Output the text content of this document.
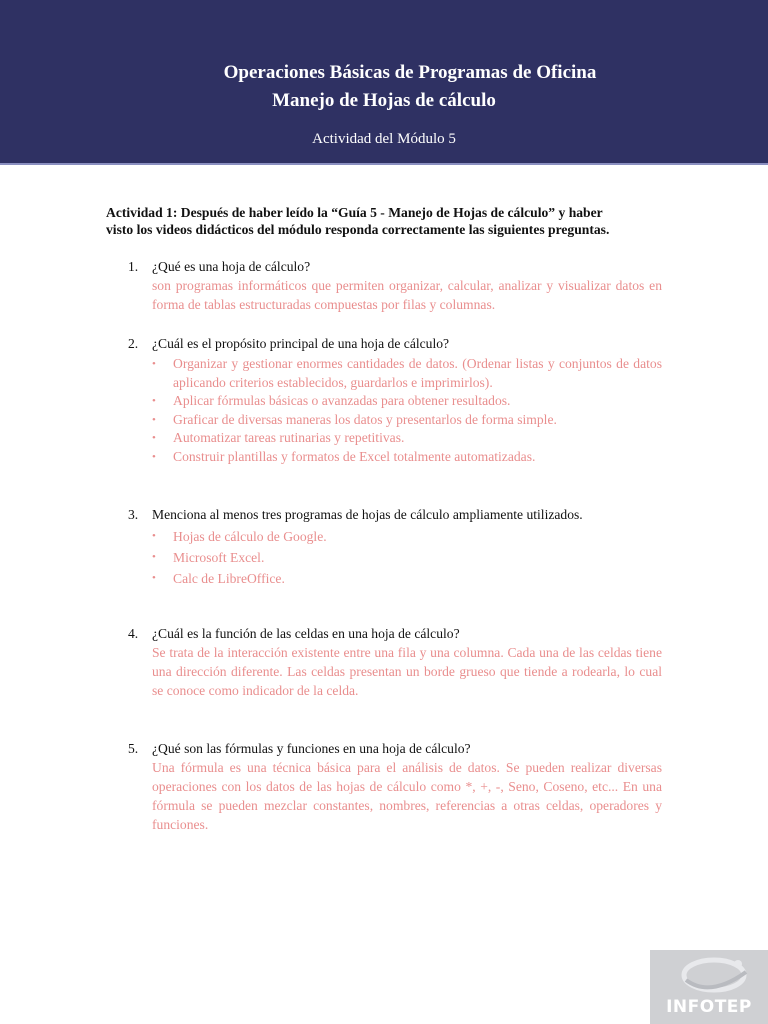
Operaciones Básicas de Programas de Oficina
Manejo de Hojas de cálculo
Actividad del Módulo 5
Actividad 1: Después de haber leído la “Guía 5 - Manejo de Hojas de cálculo” y haber
visto los videos didácticos del módulo responda correctamente las siguientes preguntas.
1. ¿Qué es una hoja de cálculo?
son programas informáticos que permiten organizar, calcular, analizar y visualizar datos en forma de tablas estructuradas compuestas por filas y columnas.
2. ¿Cuál es el propósito principal de una hoja de cálculo?
• Organizar y gestionar enormes cantidades de datos. (Ordenar listas y conjuntos de datos aplicando criterios establecidos, guardarlos e imprimirlos).
• Aplicar fórmulas básicas o avanzadas para obtener resultados.
• Graficar de diversas maneras los datos y presentarlos de forma simple.
• Automatizar tareas rutinarias y repetitivas.
• Construir plantillas y formatos de Excel totalmente automatizadas.
3. Menciona al menos tres programas de hojas de cálculo ampliamente utilizados.
• Hojas de cálculo de Google.
• Microsoft Excel.
• Calc de LibreOffice.
4. ¿Cuál es la función de las celdas en una hoja de cálculo?
Se trata de la interacción existente entre una fila y una columna. Cada una de las celdas tiene una dirección diferente. Las celdas presentan un borde grueso que tiende a rodearla, lo cual se conoce como indicador de la celda.
5. ¿Qué son las fórmulas y funciones en una hoja de cálculo?
Una fórmula es una técnica básica para el análisis de datos. Se pueden realizar diversas operaciones con los datos de las hojas de cálculo como *, +, -, Seno, Coseno, etc... En una fórmula se pueden mezclar constantes, nombres, referencias a otras celdas, operadores y funciones.
INFOTEP
